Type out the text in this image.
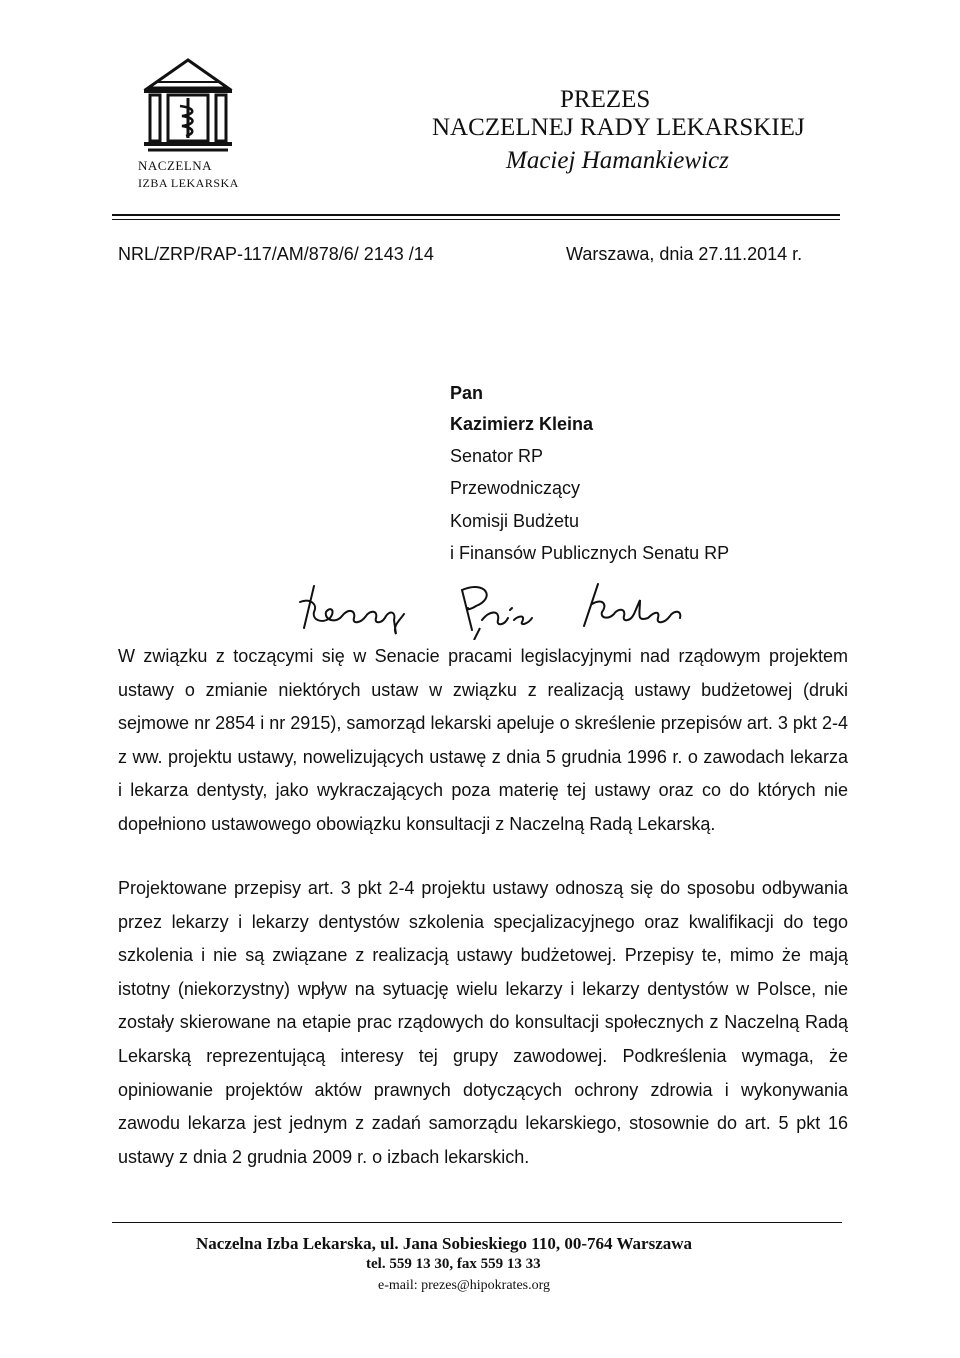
NACZELNA
IZBA LEKARSKA
PREZES
NACZELNEJ RADY LEKARSKIEJ
Maciej Hamankiewicz
NRL/ZRP/RAP-117/AM/878/6/ 2143 /14	Warszawa, dnia 27.11.2014 r.
Pan
Kazimierz Kleina
Senator RP
Przewodniczący
Komisji Budżetu
i Finansów Publicznych Senatu RP

W związku z toczącymi się w Senacie pracami legislacyjnymi nad rządowym projektem ustawy o zmianie niektórych ustaw w związku z realizacją ustawy budżetowej (druki sejmowe nr 2854 i nr 2915), samorząd lekarski apeluje o skreślenie przepisów art. 3 pkt 2-4 z ww. projektu ustawy, nowelizujących ustawę z dnia 5 grudnia 1996 r. o zawodach lekarza i lekarza dentysty, jako wykraczających poza materię tej ustawy oraz co do których nie dopełniono ustawowego obowiązku konsultacji z Naczelną Radą Lekarską.

Projektowane przepisy art. 3 pkt 2-4 projektu ustawy odnoszą się do sposobu odbywania przez lekarzy i lekarzy dentystów szkolenia specjalizacyjnego oraz kwalifikacji do tego szkolenia i nie są związane z realizacją ustawy budżetowej. Przepisy te, mimo że mają istotny (niekorzystny) wpływ na sytuację wielu lekarzy i lekarzy dentystów w Polsce, nie zostały skierowane na etapie prac rządowych do konsultacji społecznych z Naczelną Radą Lekarską reprezentującą interesy tej grupy zawodowej. Podkreślenia wymaga, że opiniowanie projektów aktów prawnych dotyczących ochrony zdrowia i wykonywania zawodu lekarza jest jednym z zadań samorządu lekarskiego, stosownie do art. 5 pkt 16 ustawy z dnia 2 grudnia 2009 r. o izbach lekarskich.

Naczelna Izba Lekarska, ul. Jana Sobieskiego 110, 00-764 Warszawa
tel. 559 13 30, fax 559 13 33
e-mail: prezes@hipokrates.org
